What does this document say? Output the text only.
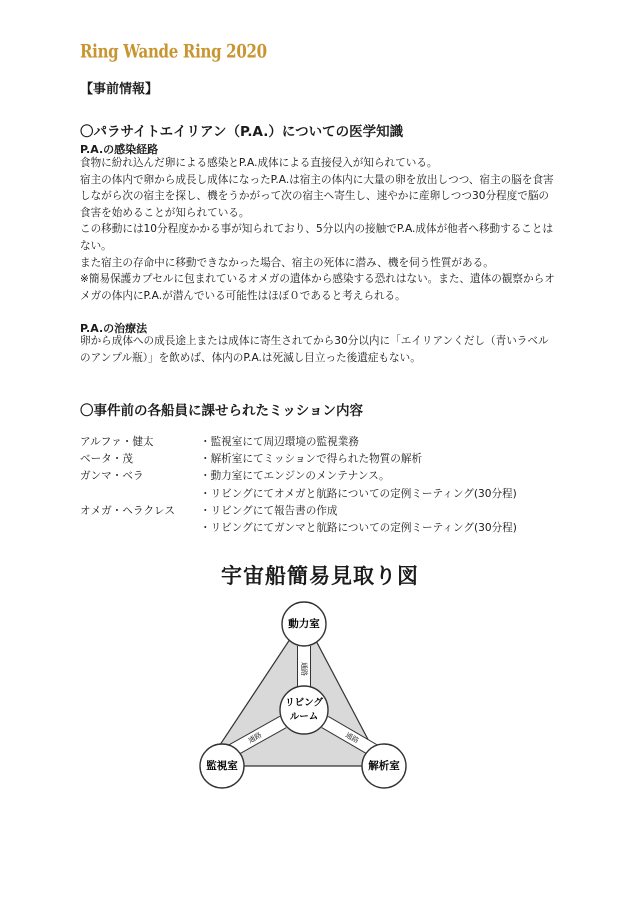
Ring Wande Ring 2020
【事前情報】
〇パラサイトエイリアン（P.A.）についての医学知識
P.A.の感染経路

食物に紛れ込んだ卵による感染とP.A.成体による直接侵入が知られている。

宿主の体内で卵から成長し成体になったP.A.は宿主の体内に大量の卵を放出しつつ、宿主の脳を食害しながら次の宿主を探し、機をうかがって次の宿主へ寄生し、速やかに産卵しつつ30分程度で脳の食害を始めることが知られている。

この移動には10分程度かかる事が知られており、5分以内の接触でP.A.成体が他者へ移動することはない。

また宿主の存命中に移動できなかった場合、宿主の死体に潜み、機を伺う性質がある。

※簡易保護カプセルに包まれているオメガの遺体から感染する恐れはない。また、遺体の観察からオメガの体内にP.A.が潜んでいる可能性はほぼ０であると考えられる。

P.A.の治療法

卵から成体への成長途上または成体に寄生されてから30分以内に「エイリアンくだし（青いラベルのアンプル瓶）」を飲めば、体内のP.A.は死滅し目立った後遺症もない。

〇事件前の各船員に課せられたミッション内容
アルファ・健太	・監視室にて周辺環境の監視業務
ベータ・茂	・解析室にてミッションで得られた物質の解析
ガンマ・ベラ	・動力室にてエンジンのメンテナンス。
・リビングにてオメガと航路についての定例ミーティング(30分程)
オメガ・ヘラクレス	・リビングにて報告書の作成
・リビングにてガンマと航路についての定例ミーティング(30分程)
宇宙船簡易見取り図
通路
通路	通路
動力室
リビング
ルーム
監視室	解析室
